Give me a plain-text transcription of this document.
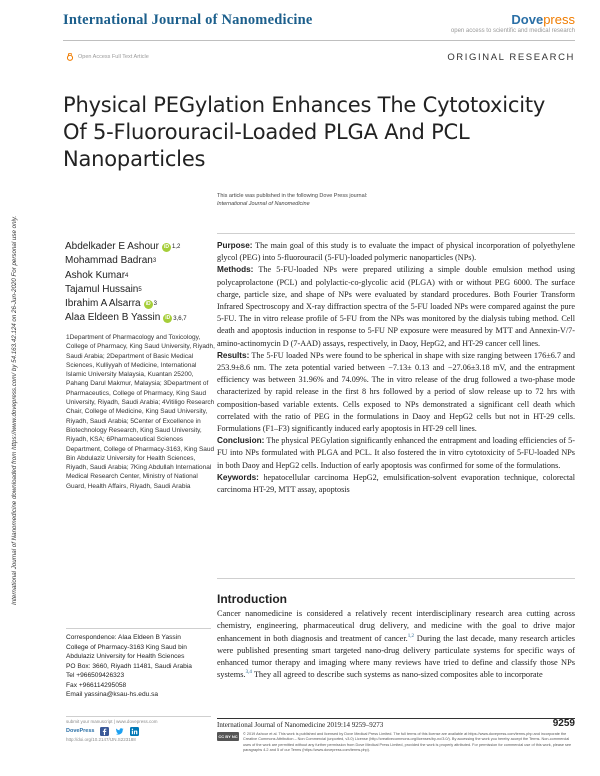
International Journal of Nanomedicine	Dovepress
open access to scientific and medical research
Open Access Full Text Article	ORIGINAL RESEARCH
Physical PEGylation Enhances The Cytotoxicity Of 5-Fluorouracil-Loaded PLGA And PCL Nanoparticles
This article was published in the following Dove Press journal:
International Journal of Nanomedicine
International Journal of Nanomedicine downloaded from https://www.dovepress.com/ by 54.163.42.124 on 26-Jun-2020 For personal use only.	Abdelkader E Ashour	iD 1,2
Mohammad Badran 3
Ashok Kumar 4
Tajamul Hussain 5
Ibrahim A Alsarra	iD 3
Alaa Eldeen B Yassin	iD 3,6,7
1Department of Pharmacology and Toxicology, College of Pharmacy, King Saud University, Riyadh, Saudi Arabia; 2Department of Basic Medical Sciences, Kulliyyah of Medicine, International Islamic University Malaysia, Kuantan 25200, Pahang Darul Makmur, Malaysia; 3Department of Pharmaceutics, College of Pharmacy, King Saud University, Riyadh, Saudi Arabia; 4Vitiligo Research Chair, College of Medicine, King Saud University, Riyadh, Saudi Arabia; 5Center of Excellence in Biotechnology Research, King Saud University, Riyadh, KSA; 6Pharmaceutical Sciences Department, College of Pharmacy-3163, King Saud Bin Abdulaziz University for Health Sciences, Riyadh, Saudi Arabia; 7King Abdullah International Medical Research Center, Ministry of National Guard, Health Affairs, Riyadh, Saudi Arabia

Purpose: The main goal of this study is to evaluate the impact of physical incorporation of polyethylene glycol (PEG) into 5-fluorouracil (5-FU)-loaded polymeric nanoparticles (NPs).

Methods: The 5-FU-loaded NPs were prepared utilizing a simple double emulsion method using polycaprolactone (PCL) and polylactic-co-glycolic acid (PLGA) with or without PEG 6000. The surface charge, particle size, and shape of NPs were evaluated by standard procedures. Both Fourier Transform Infrared Spectroscopy and X-ray diffraction spectra of the 5-FU loaded NPs were compared against the pure 5-FU. The in vitro release profile of 5-FU from the NPs was monitored by the dialysis tubing method. Cell death and apoptosis induction in response to 5-FU NP exposure were measured by MTT and Annexin-V/7-amino-actinomycin D (7-AAD) assays, respectively, in Daoy, HepG2, and HT-29 cancer cell lines.

Results: The 5-FU loaded NPs were found to be spherical in shape with size ranging between 176±6.7 and 253.9±8.6 nm. The zeta potential varied between −7.13± 0.13 and −27.06±3.18 mV, and the entrapment efficiency was between 31.96% and 74.09%. The in vitro release of the drug followed a two-phase mode characterized by rapid release in the first 8 hrs followed by a period of slow release up to 72 hrs with composition-based variable extents. Cells exposed to NPs demonstrated a significant cell death which correlated with the ratio of PEG in the formulations in Daoy and HepG2 cells but not in HT-29 cells. Formulations (F1–F3) significantly induced early apoptosis in HT-29 cell lines.

Conclusion: The physical PEGylation significantly enhanced the entrapment and loading efficiencies of 5-FU into NPs formulated with PLGA and PCL. It also fostered the in vitro cytotoxicity of 5-FU-loaded NPs in both Daoy and HepG2 cells. Induction of early apoptosis was confirmed for some of the formulations.

Keywords: hepatocellular carcinoma HepG2, emulsification-solvent evaporation technique, colorectal carcinoma HT-29, MTT assay, apoptosis

Introduction
Cancer nanomedicine is considered a relatively recent interdisciplinary research area cutting across chemistry, engineering, pharmaceutical drug delivery, and medicine with the goal to drive major enhancement in both diagnosis and treatment of cancer.$^{1,2}$ During the last decade, many research articles were published presenting smart targeted nano-drug delivery particulate systems for specific ways of enhanced tumor therapy and imaging where many reviews have tried to define and classify those NPs systems.$^{3,4}$ They all agreed to describe such systems as nano-sized composites able to incorporate
Correspondence: Alaa Eldeen B Yassin
College of Pharmacy-3163 King Saud bin Abdulaziz University for Health Sciences
PO Box: 3660, Riyadh 11481, Saudi Arabia
Tel +966509426323
Fax +966114295058
Email yassina@ksau-hs.edu.sa
submit your manuscript | www.dovepress.com
DovePress
http://doi.org/10.2147/IJN.S223188
International Journal of Nanomedicine 2019:14 9259–9273	9259
CC BY NC	© 2019 Ashour et al. This work is published and licensed by Dove Medical Press Limited. The full terms of this license are available at https://www.dovepress.com/terms.php and incorporate the Creative Commons Attribution – Non Commercial (unported, v3.0) License (http://creativecommons.org/licenses/by-nc/3.0/). By accessing the work you hereby accept the Terms. Non-commercial uses of the work are permitted without any further permission from Dove Medical Press Limited, provided the work is properly attributed. For permission for commercial use of this work, please see paragraphs 4.2 and 5 of our Terms (https://www.dovepress.com/terms.php).
